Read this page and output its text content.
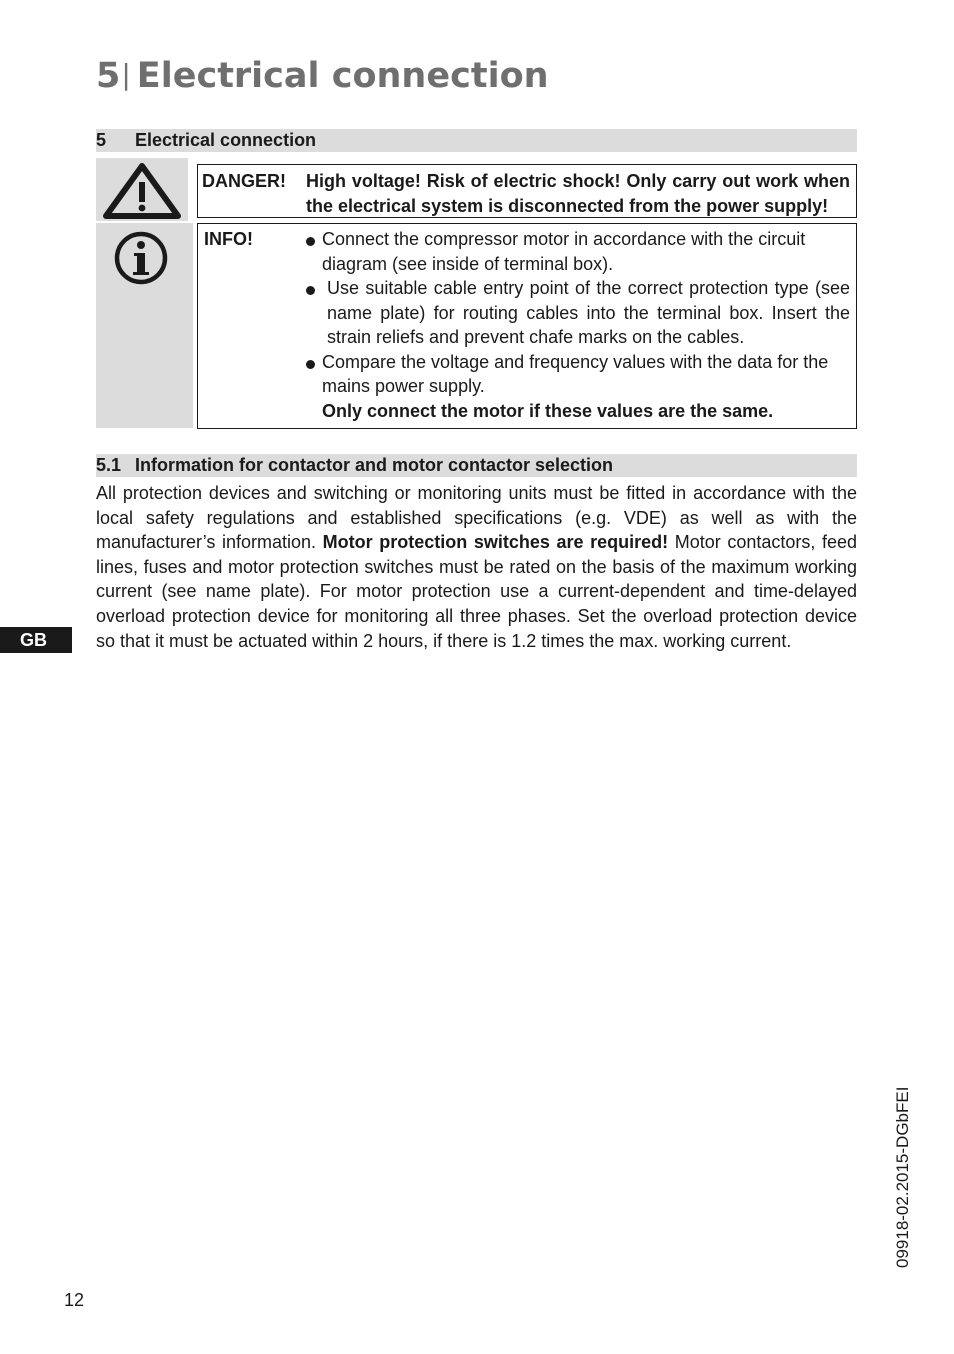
5| Electrical connection
5 Electrical connection
DANGER! High voltage! Risk of electric shock! Only carry out work when the electrical system is disconnected from the power supply!
INFO!	Connect the compressor motor in accordance with the circuit diagram (see inside of terminal box).
Use suitable cable entry point of the correct protection type (see name plate) for routing cables into the terminal box. Insert the strain reliefs and prevent chafe marks on the cables.
Compare the voltage and frequency values with the data for the mains power supply.
Only connect the motor if these values are the same.
5.1 Information for contactor and motor contactor selection
All protection devices and switching or monitoring units must be fitted in accordance with the local safety regulations and established specifications (e.g. VDE) as well as with the manufacturer’s information. Motor protection switches are required! Motor contactors, feed lines, fuses and motor protection switches must be rated on the basis of the maximum working current (see name plate). For motor protection use a current-dependent and time-delayed overload protection device for monitoring all three phases. Set the overload protection device so that it must be actuated within 2 hours, if there is 1.2 times the max. working current.
GB
12
09918-02.2015-DGbFEI
